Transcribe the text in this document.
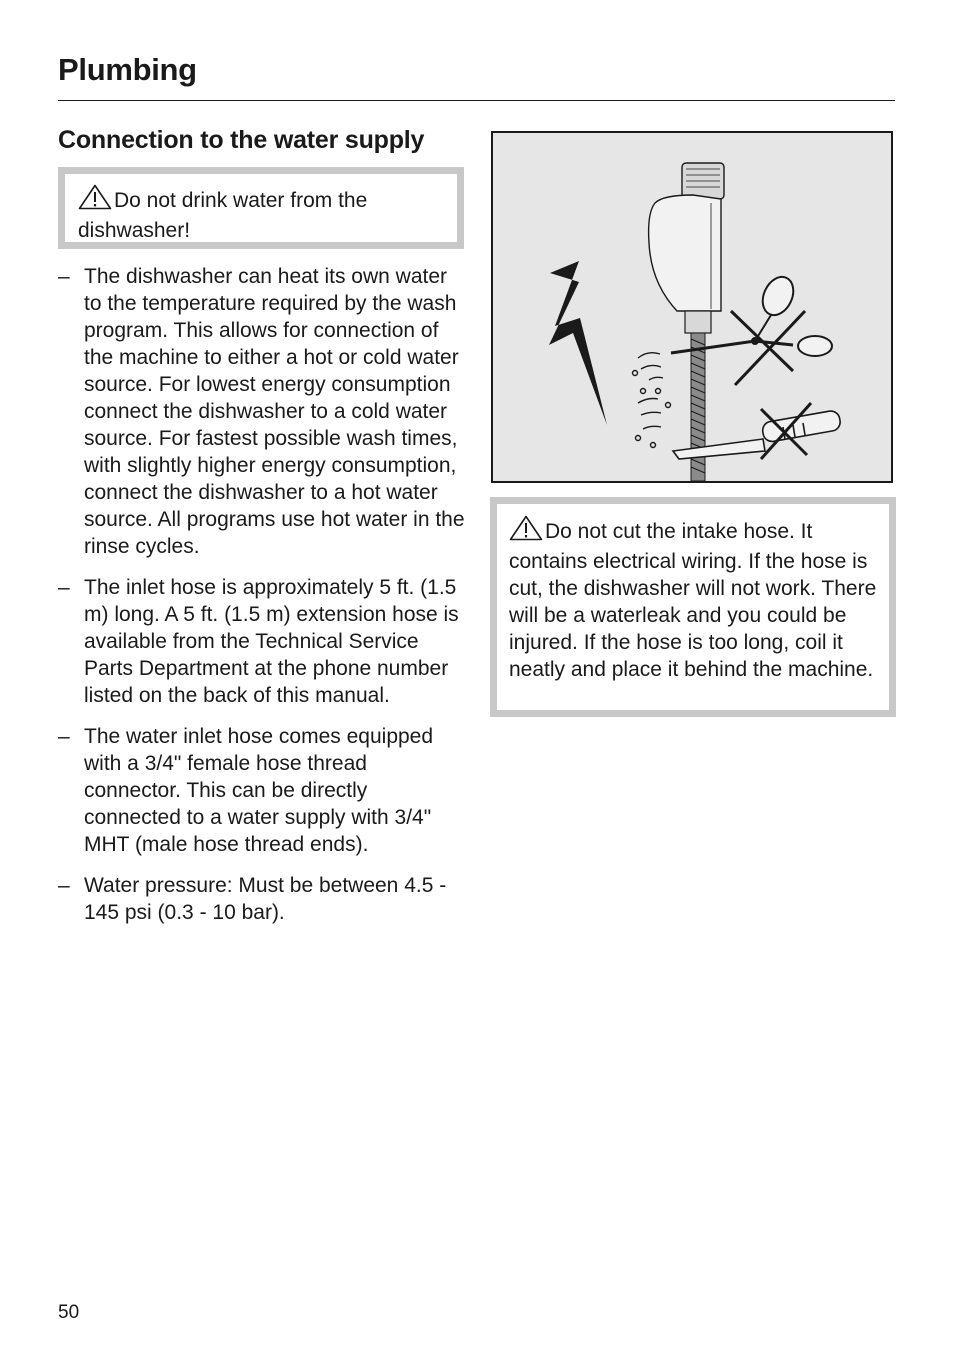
Plumbing
Connection to the water supply
Do not drink water from the dishwasher!
– The dishwasher can heat its own water to the temperature required by the wash program. This allows for connection of the machine to either a hot or cold water source. For lowest energy consumption connect the dishwasher to a cold water source. For fastest possible wash times, with slightly higher energy consumption, connect the dishwasher to a hot water source. All programs use hot water in the rinse cycles.
– The inlet hose is approximately 5 ft. (1.5 m) long. A 5 ft. (1.5 m) extension hose is available from the Technical Service Parts Department at the phone number listed on the back of this manual.
– The water inlet hose comes equipped with a 3/4" female hose thread connector. This can be directly connected to a water supply with 3/4" MHT (male hose thread ends).
– Water pressure: Must be between 4.5 - 145 psi (0.3 - 10 bar).
Do not cut the intake hose. It contains electrical wiring. If the hose is cut, the dishwasher will not work. There will be a waterleak and you could be injured. If the hose is too long, coil it neatly and place it behind the machine.
50
